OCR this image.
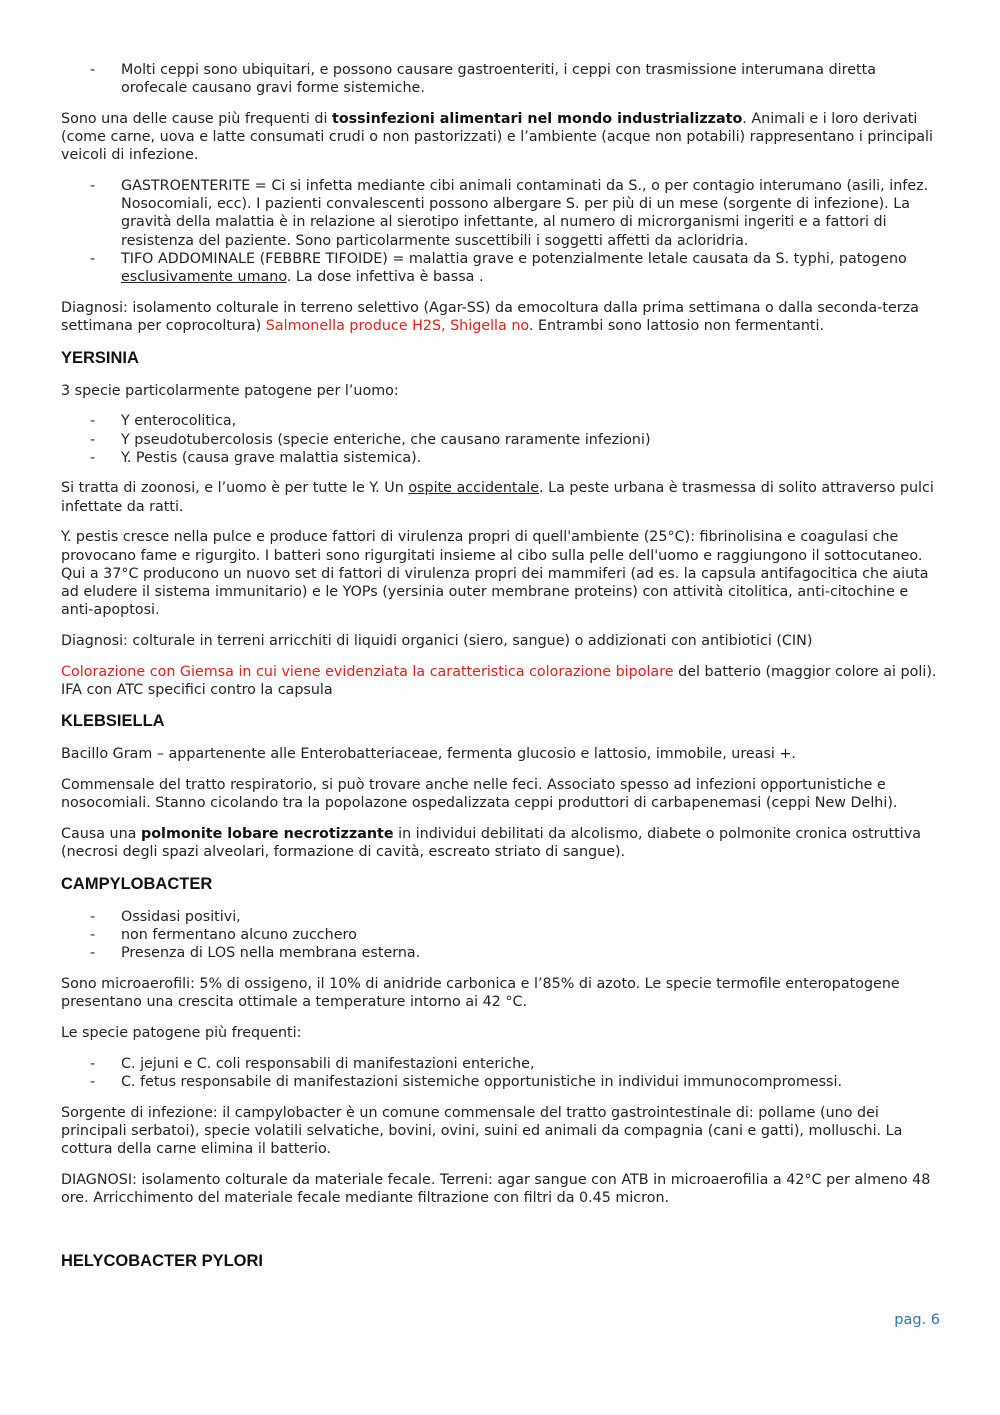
- Molti ceppi sono ubiquitari, e possono causare gastroenteriti, i ceppi con trasmissione interumana diretta orofecale causano gravi forme sistemiche.

Sono una delle cause più frequenti di tossinfezioni alimentari nel mondo industrializzato. Animali e i loro derivati (come carne, uova e latte consumati crudi o non pastorizzati) e l’ambiente (acque non potabili) rappresentano i principali veicoli di infezione.

- GASTROENTERITE = Ci si infetta mediante cibi animali contaminati da S., o per contagio interumano (asili, infez. Nosocomiali, ecc). I pazienti convalescenti possono albergare S. per più di un mese (sorgente di infezione). La gravità della malattia è in relazione al sierotipo infettante, al numero di microrganismi ingeriti e a fattori di resistenza del paziente. Sono particolarmente suscettibili i soggetti affetti da acloridria.
- TIFO ADDOMINALE (FEBBRE TIFOIDE) = malattia grave e potenzialmente letale causata da S. typhi, patogeno esclusivamente umano. La dose infettiva è bassa .

Diagnosi: isolamento colturale in terreno selettivo (Agar-SS) da emocoltura dalla prima settimana o dalla seconda-terza settimana per coprocoltura) Salmonella produce H2S, Shigella no. Entrambi sono lattosio non fermentanti.

YERSINIA

3 specie particolarmente patogene per l’uomo:

- Y enterocolitica,
- Y pseudotubercolosis (specie enteriche, che causano raramente infezioni)
- Y. Pestis (causa grave malattia sistemica).

Si tratta di zoonosi, e l’uomo è per tutte le Y. Un ospite accidentale. La peste urbana è trasmessa di solito attraverso pulci infettate da ratti.

Y. pestis cresce nella pulce e produce fattori di virulenza propri di quell'ambiente (25°C): fibrinolisina e coagulasi che provocano fame e rigurgito. I batteri sono rigurgitati insieme al cibo sulla pelle dell'uomo e raggiungono il sottocutaneo. Qui a 37°C producono un nuovo set di fattori di virulenza propri dei mammiferi (ad es. la capsula antifagocitica che aiuta ad eludere il sistema immunitario) e le YOPs (yersinia outer membrane proteins) con attività citolitica, anti-citochine e anti-apoptosi.

Diagnosi: colturale in terreni arricchiti di liquidi organici (siero, sangue) o addizionati con antibiotici (CIN)

Colorazione con Giemsa in cui viene evidenziata la caratteristica colorazione bipolare del batterio (maggior colore ai poli). IFA con ATC specifici contro la capsula

KLEBSIELLA

Bacillo Gram – appartenente alle Enterobatteriaceae, fermenta glucosio e lattosio, immobile, ureasi +.

Commensale del tratto respiratorio, si può trovare anche nelle feci. Associato spesso ad infezioni opportunistiche e nosocomiali. Stanno cicolando tra la popolazone ospedalizzata ceppi produttori di carbapenemasi (ceppi New Delhi).

Causa una polmonite lobare necrotizzante in individui debilitati da alcolismo, diabete o polmonite cronica ostruttiva (necrosi degli spazi alveolari, formazione di cavità, escreato striato di sangue).

CAMPYLOBACTER
- Ossidasi positivi,
- non fermentano alcuno zucchero
- Presenza di LOS nella membrana esterna.

Sono microaerofili: 5% di ossigeno, il 10% di anidride carbonica e l’85% di azoto. Le specie termofile enteropatogene presentano una crescita ottimale a temperature intorno ai 42 °C.

Le specie patogene più frequenti:

- C. jejuni e C. coli responsabili di manifestazioni enteriche,
- C. fetus responsabile di manifestazioni sistemiche opportunistiche in individui immunocompromessi.

Sorgente di infezione: il campylobacter è un comune commensale del tratto gastrointestinale di: pollame (uno dei principali serbatoi), specie volatili selvatiche, bovini, ovini, suini ed animali da compagnia (cani e gatti), molluschi. La cottura della carne elimina il batterio.

DIAGNOSI: isolamento colturale da materiale fecale. Terreni: agar sangue con ATB in microaerofilia a 42°C per almeno 48 ore. Arricchimento del materiale fecale mediante filtrazione con filtri da 0.45 micron.

HELYCOBACTER PYLORI
pag. 6
